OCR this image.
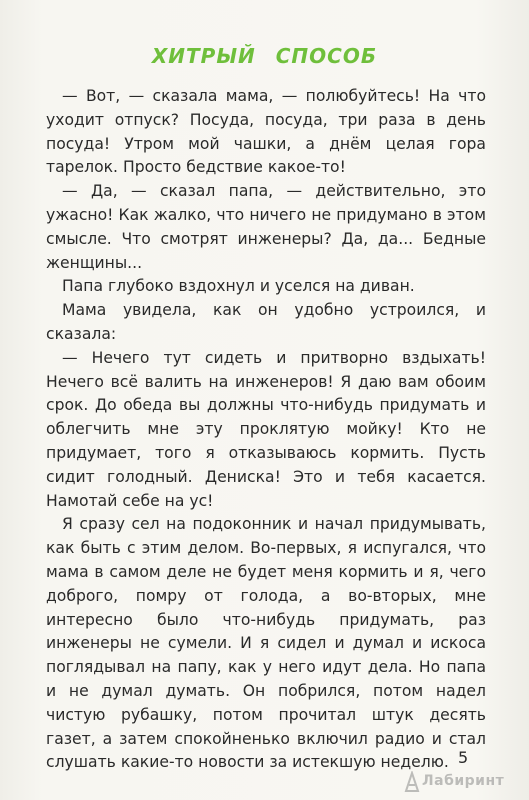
ХИТРЫЙ СПОСОБ

— Вот, — сказала мама, — полюбуйтесь! На что уходит отпуск? Посуда, посуда, три раза в день посуда! Утром мой чашки, а днём целая гора тарелок. Просто бедствие какое-то!

— Да, — сказал папа, — действительно, это ужасно! Как жалко, что ничего не придумано в этом смысле. Что смотрят инженеры? Да, да... Бедные женщины...

Папа глубоко вздохнул и уселся на диван.

Мама увидела, как он удобно устроился, и сказала:

— Нечего тут сидеть и притворно вздыхать! Нечего всё валить на инженеров! Я даю вам обоим срок. До обеда вы должны что-нибудь придумать и облегчить мне эту проклятую мойку! Кто не придумает, того я отказываюсь кормить. Пусть сидит голодный. Дениска! Это и тебя касается. Намотай себе на ус!

Я сразу сел на подоконник и начал придумывать, как быть с этим делом. Во-первых, я испугался, что мама в самом деле не будет меня кормить и я, чего доброго, помру от голода, а во-вторых, мне интересно было что-нибудь придумать, раз инженеры не сумели. И я сидел и думал и искоса поглядывал на папу, как у него идут дела. Но папа и не думал думать. Он побрился, потом надел чистую рубашку, потом прочитал штук десять газет, а затем спокойненько включил радио и стал слушать какие-то новости за истекшую неделю. 5
Лабиринт
